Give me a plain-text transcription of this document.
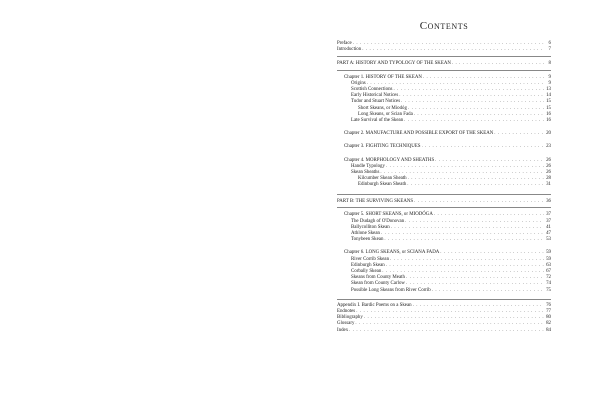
Contents
Preface . . .	6
Introduction . . .	7
PART A: HISTORY AND TYPOLOGY OF THE SKEAN . . .	8
Chapter 1. HISTORY OF THE SKEAN . . .	9
Origins . . .	9
Scottish Connections . . .	13
Early Historical Notices . . .	14
Tudor and Stuart Notices . . .	15
Short Skeans, or Miodóg . . .	15
Long Skeans, or Scian Fada . . .	16
Late Survival of the Skean . . .	16
Chapter 2. MANUFACTURE AND POSSIBLE EXPORT OF THE SKEAN . . .	20
Chapter 3. FIGHTING TECHNIQUES . . .	23
Chapter 4. MORPHOLOGY AND SHEATHS . . .	26
Handle Typology . . .	26
Skean Sheaths . . .	26
Kilcumber Skean Sheath . . .	28
Edinburgh Skean Sheath . . .	31
PART B: THE SURVIVING SKEANS . . .	36
Chapter 5. SHORT SKEANS, or MIODÓGA . . .	37
The Dudagh of O'Donovan . . .	37
Ballycolliton Skean . . .	41
Athlone Skean . . .	47
Tonybeen Skean . . .	53
Chapter 6. LONG SKEANS, or SCIANA FADA . . .	59
River Corrib Skean . . .	59
Edinburgh Skean . . .	63
Corbally Skean . . .	67
Skeans from County Meath . . .	72
Skean from County Carlow . . .	74
Possible Long Skeans from River Corrib . . .	75
Appendix I. Bardic Poems on a Skean . . .	76
Endnotes . . .	77
Bibliography . . .	80
Glossary . . .	82
Index . . .	84
